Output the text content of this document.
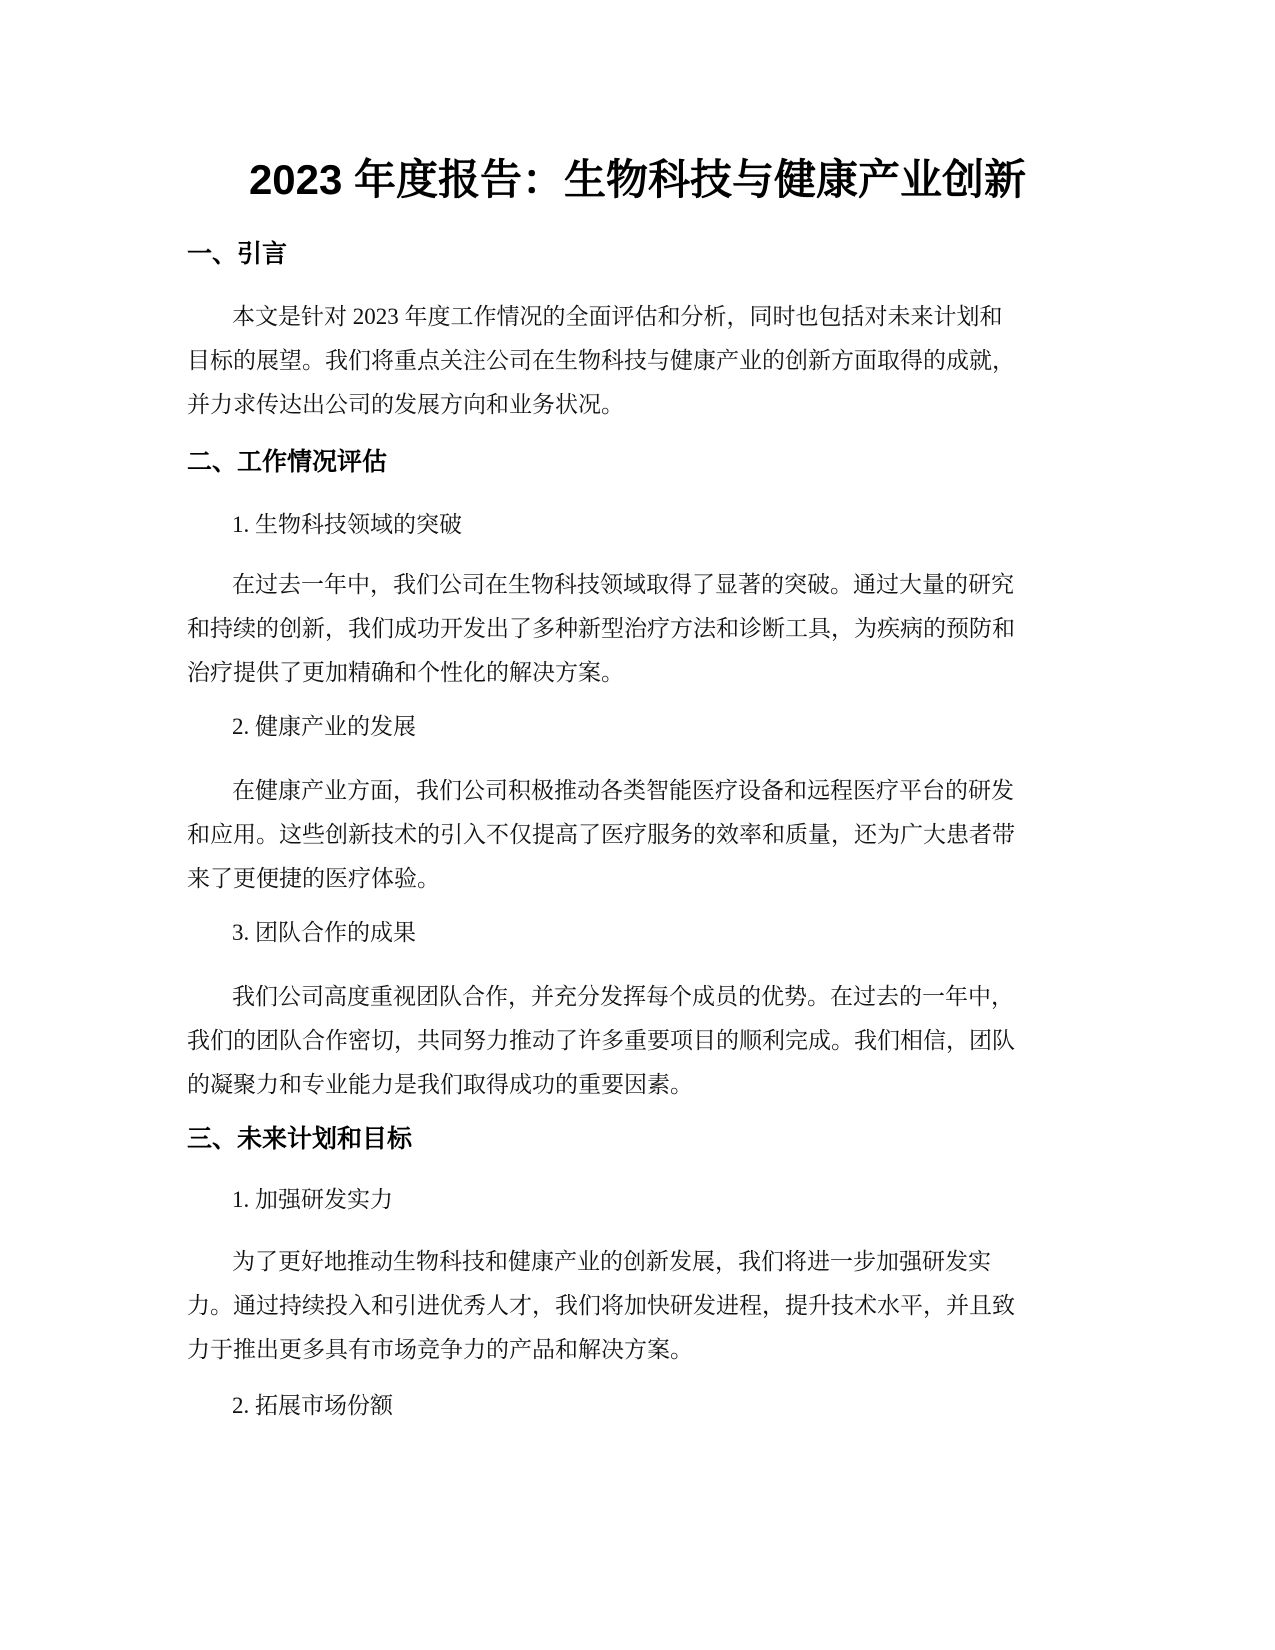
2023 年度报告：生物科技与健康产业创新
一、引言

本文是针对 2023 年度工作情况的全面评估和分析，同时也包括对未来计划和
目标的展望。我们将重点关注公司在生物科技与健康产业的创新方面取得的成就，
并力求传达出公司的发展方向和业务状况。

二、工作情况评估

1. 生物科技领域的突破

在过去一年中，我们公司在生物科技领域取得了显著的突破。通过大量的研究
和持续的创新，我们成功开发出了多种新型治疗方法和诊断工具，为疾病的预防和
治疗提供了更加精确和个性化的解决方案。

2. 健康产业的发展

在健康产业方面，我们公司积极推动各类智能医疗设备和远程医疗平台的研发
和应用。这些创新技术的引入不仅提高了医疗服务的效率和质量，还为广大患者带
来了更便捷的医疗体验。

3. 团队合作的成果

我们公司高度重视团队合作，并充分发挥每个成员的优势。在过去的一年中，
我们的团队合作密切，共同努力推动了许多重要项目的顺利完成。我们相信，团队
的凝聚力和专业能力是我们取得成功的重要因素。

三、未来计划和目标

1. 加强研发实力

为了更好地推动生物科技和健康产业的创新发展，我们将进一步加强研发实
力。通过持续投入和引进优秀人才，我们将加快研发进程，提升技术水平，并且致
力于推出更多具有市场竞争力的产品和解决方案。

2. 拓展市场份额
